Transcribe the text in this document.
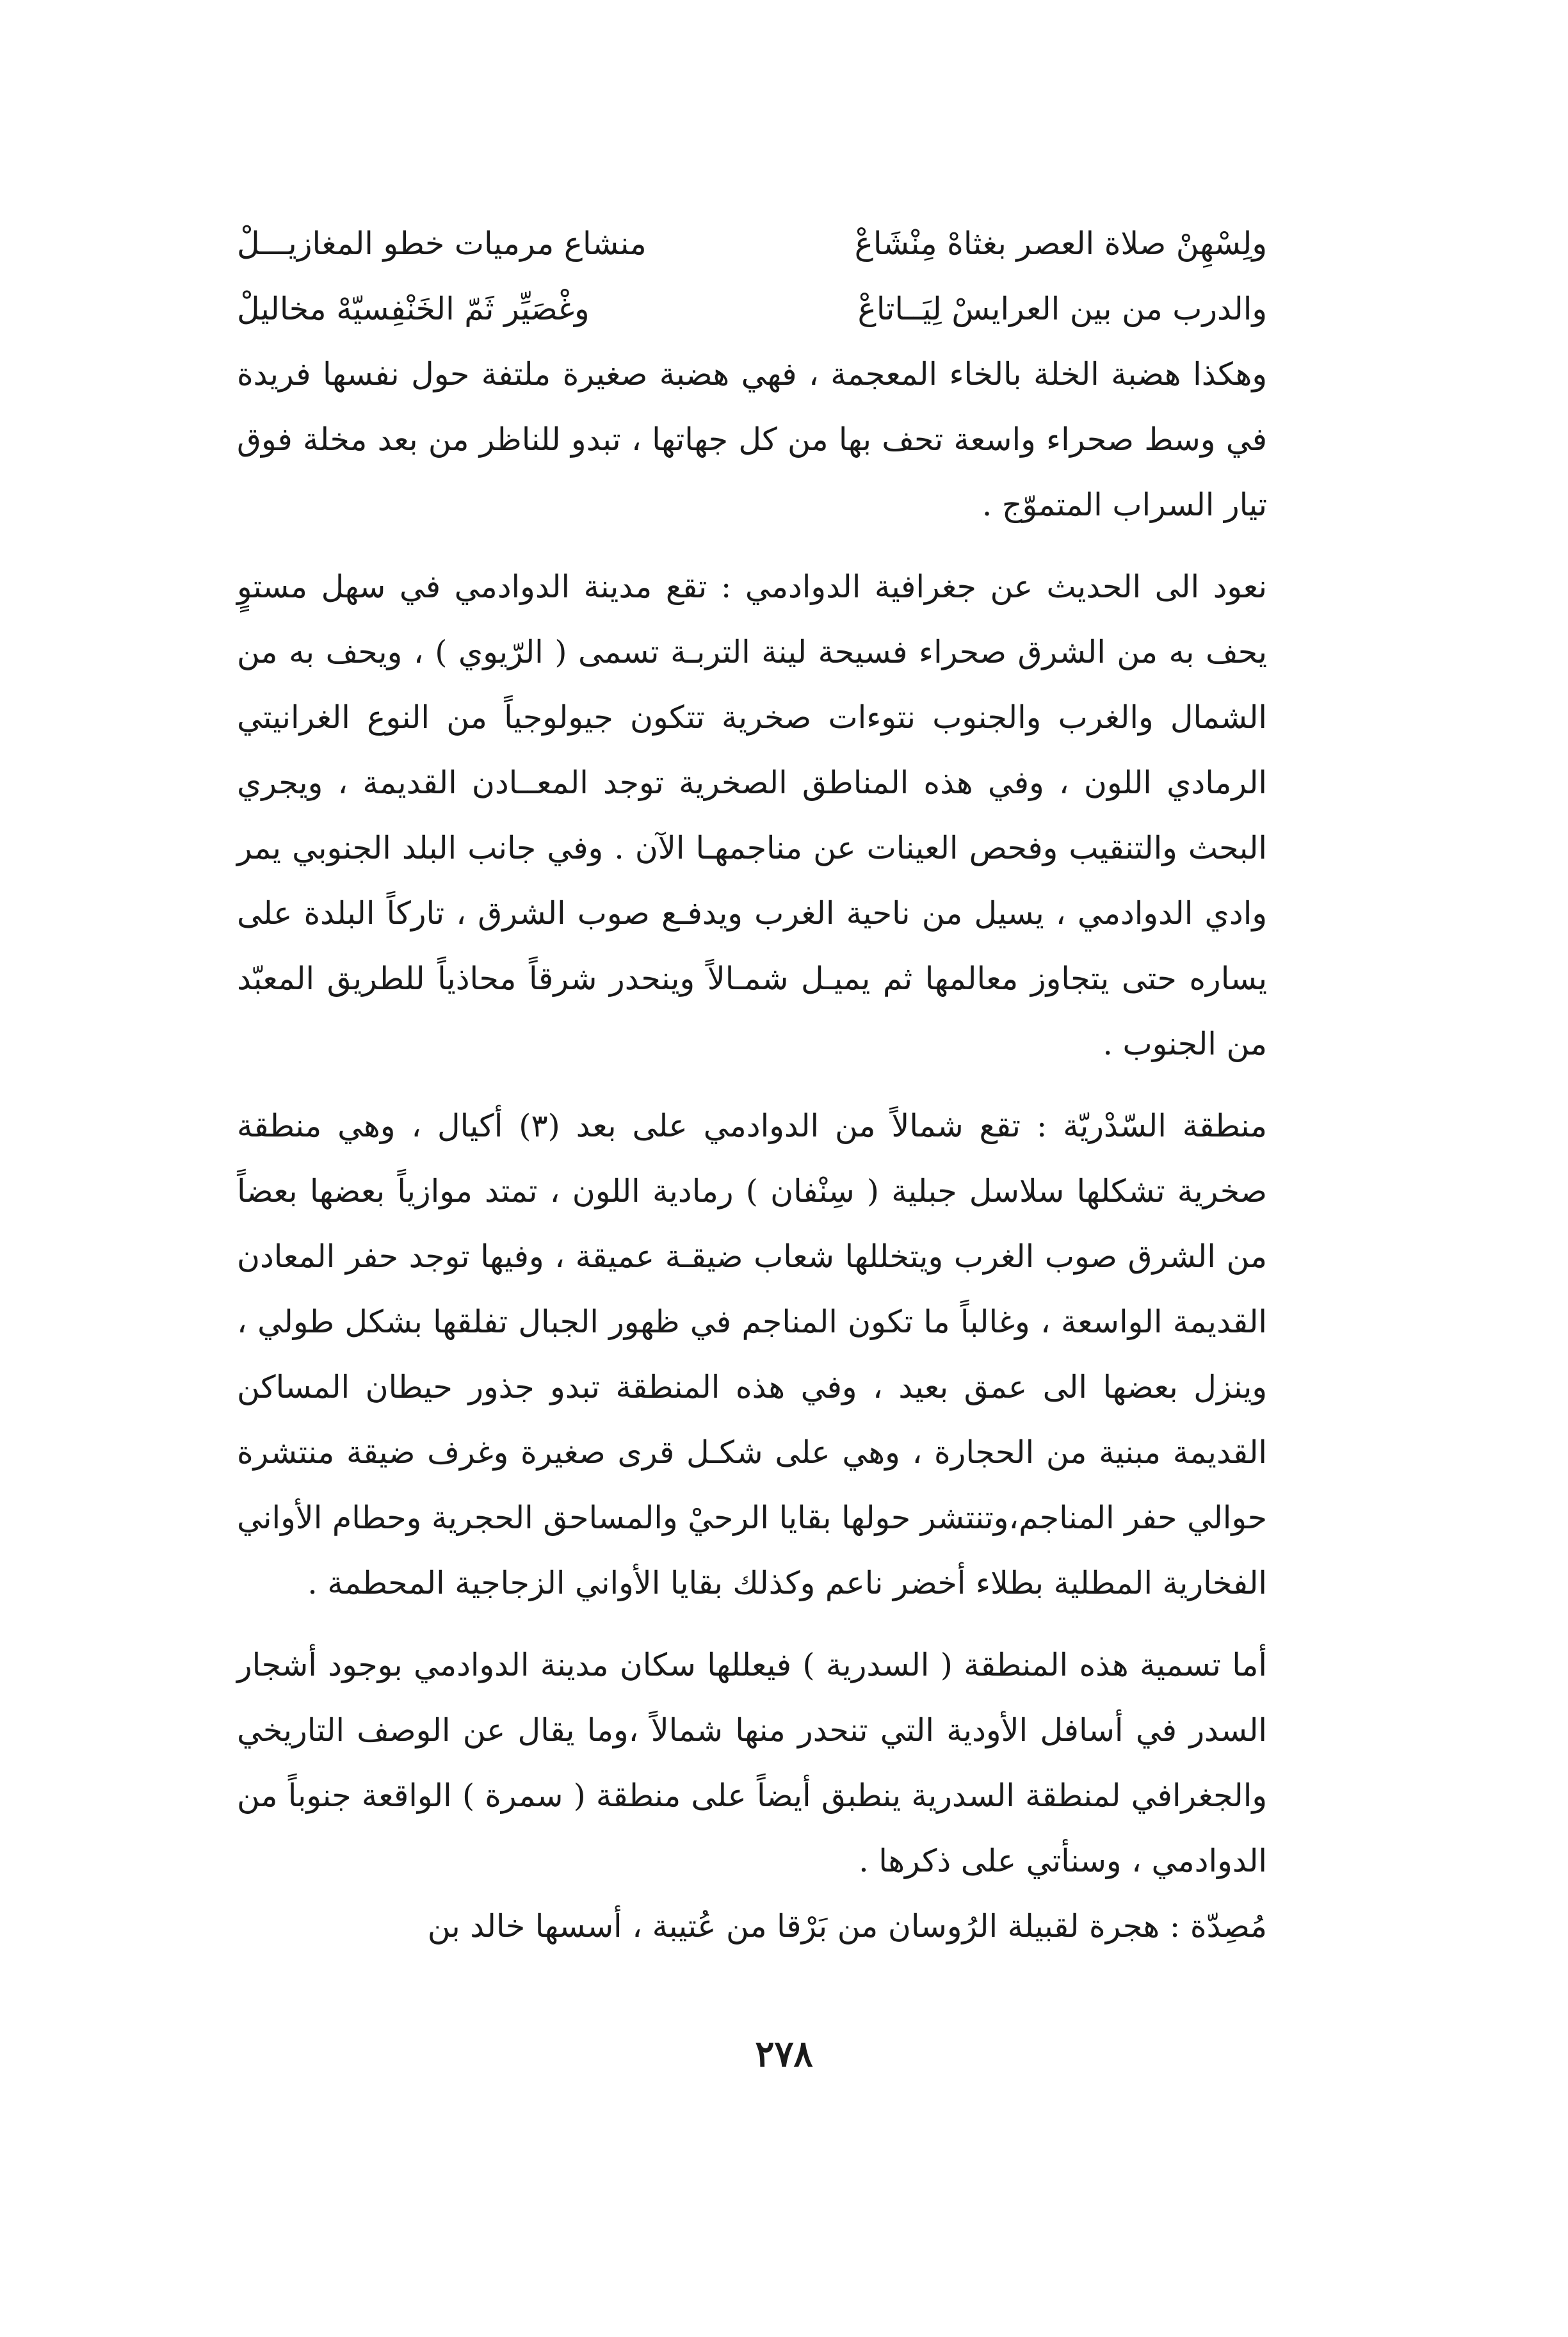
ولِسْهِنْ صلاة العصر بغثاهْ مِنْشَاعْ
منشاع مرميات خطو المغازيـــلْ
والدرب من بين العرايسْ لِيَــاتاعْ
وغْصَيِّر ثَمّ الخَنْفِسيّهْ مخاليلْ

وهكذا هضبة الخلة بالخاء المعجمة ، فهي هضبة صغيرة ملتفة حول نفسها فريدة في وسط صحراء واسعة تحف بها من كل جهاتها ، تبدو للناظر من بعد مخلة فوق تيار السراب المتموّج .

نعود الى الحديث عن جغرافية الدوادمي : تقع مدينة الدوادمي في سهل مستوٍ يحف به من الشرق صحراء فسيحة لينة التربـة تسمى ( الرّيوي ) ، ويحف به من الشمال والغرب والجنوب نتوءات صخرية تتكون جيولوجياً من النوع الغرانيتي الرمادي اللون ، وفي هذه المناطق الصخرية توجد المعــادن القديمة ، ويجري البحث والتنقيب وفحص العينات عن مناجمهـا الآن . وفي جانب البلد الجنوبي يمر وادي الدوادمي ، يسيل من ناحية الغرب ويدفـع صوب الشرق ، تاركاً البلدة على يساره حتى يتجاوز معالمها ثم يميـل شمـالاً وينحدر شرقاً محاذياً للطريق المعبّد من الجنوب .

منطقة السّدْريّة : تقع شمالاً من الدوادمي على بعد (٣) أكيال ، وهي منطقة صخرية تشكلها سلاسل جبلية ( سِنْفان ) رمادية اللون ، تمتد موازياً بعضها بعضاً من الشرق صوب الغرب ويتخللها شعاب ضيقـة عميقة ، وفيها توجد حفر المعادن القديمة الواسعة ، وغالباً ما تكون المناجم في ظهور الجبال تفلقها بشكل طولي ، وينزل بعضها الى عمق بعيد ، وفي هذه المنطقة تبدو جذور حيطان المساكن القديمة مبنية من الحجارة ، وهي على شكـل قرى صغيرة وغرف ضيقة منتشرة حوالي حفر المناجم،وتنتشر حولها بقايا الرحيْ والمساحق الحجرية وحطام الأواني الفخارية المطلية بطلاء أخضر ناعم وكذلك بقايا الأواني الزجاجية المحطمة .

أما تسمية هذه المنطقة ( السدرية ) فيعللها سكان مدينة الدوادمي بوجود أشجار السدر في أسافل الأودية التي تنحدر منها شمالاً ،وما يقال عن الوصف التاريخي والجغرافي لمنطقة السدرية ينطبق أيضاً على منطقة ( سمرة ) الواقعة جنوباً من الدوادمي ، وسنأتي على ذكرها .

مُصِدّة : هجرة لقبيلة الرُوسان من بَرْقا من عُتيبة ، أسسها خالد بن

٢٧٨
